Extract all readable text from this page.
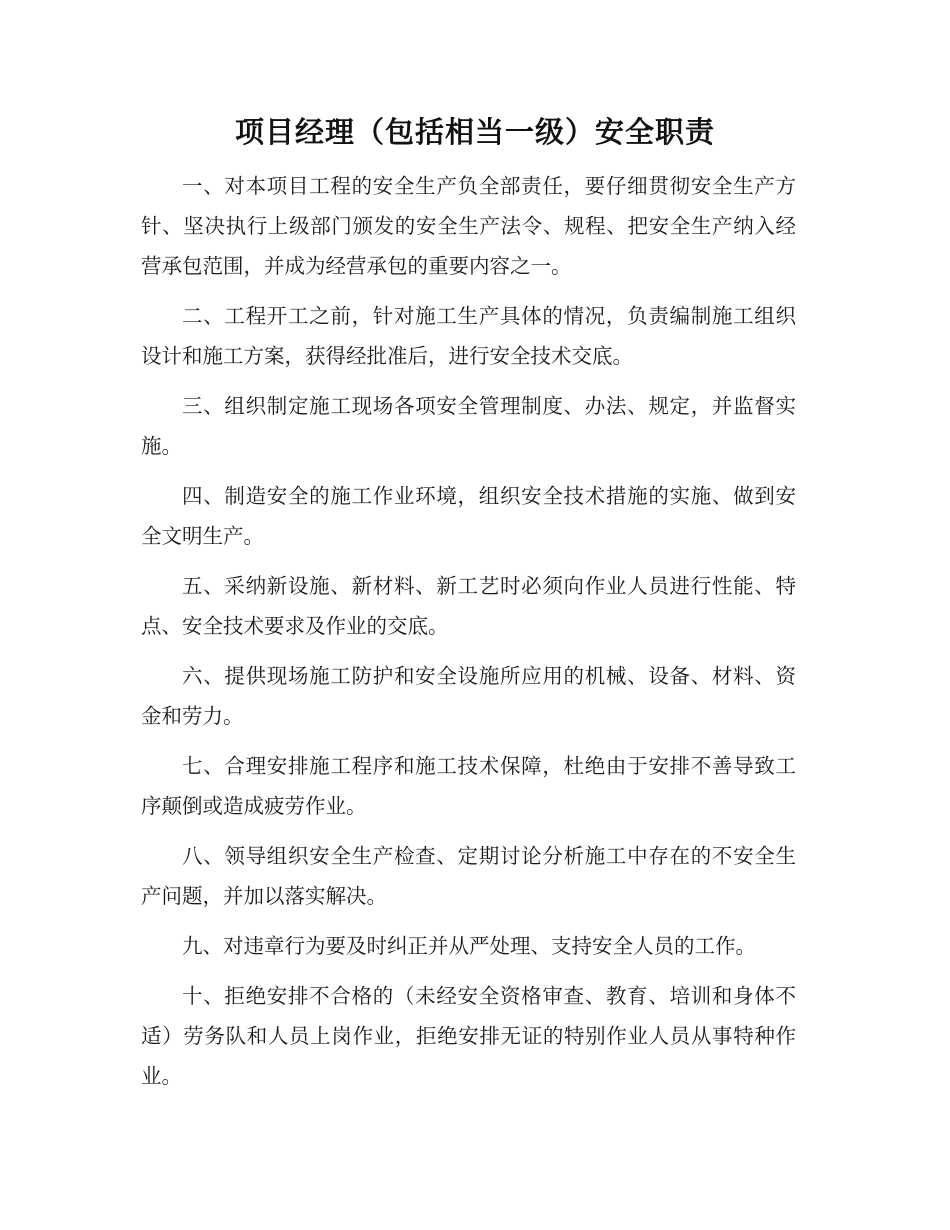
项目经理（包括相当一级）安全职责

一、对本项目工程的安全生产负全部责任，要仔细贯彻安全生产方针、坚决执行上级部门颁发的安全生产法令、规程、把安全生产纳入经营承包范围，并成为经营承包的重要内容之一。

二、工程开工之前，针对施工生产具体的情况，负责编制施工组织设计和施工方案，获得经批准后，进行安全技术交底。

三、组织制定施工现场各项安全管理制度、办法、规定，并监督实施。

四、制造安全的施工作业环境，组织安全技术措施的实施、做到安全文明生产。

五、采纳新设施、新材料、新工艺时必须向作业人员进行性能、特点、安全技术要求及作业的交底。

六、提供现场施工防护和安全设施所应用的机械、设备、材料、资金和劳力。

七、合理安排施工程序和施工技术保障，杜绝由于安排不善导致工序颠倒或造成疲劳作业。

八、领导组织安全生产检查、定期讨论分析施工中存在的不安全生产问题，并加以落实解决。

九、对违章行为要及时纠正并从严处理、支持安全人员的工作。

十、拒绝安排不合格的（未经安全资格审查、教育、培训和身体不适）劳务队和人员上岗作业，拒绝安排无证的特别作业人员从事特种作业。
